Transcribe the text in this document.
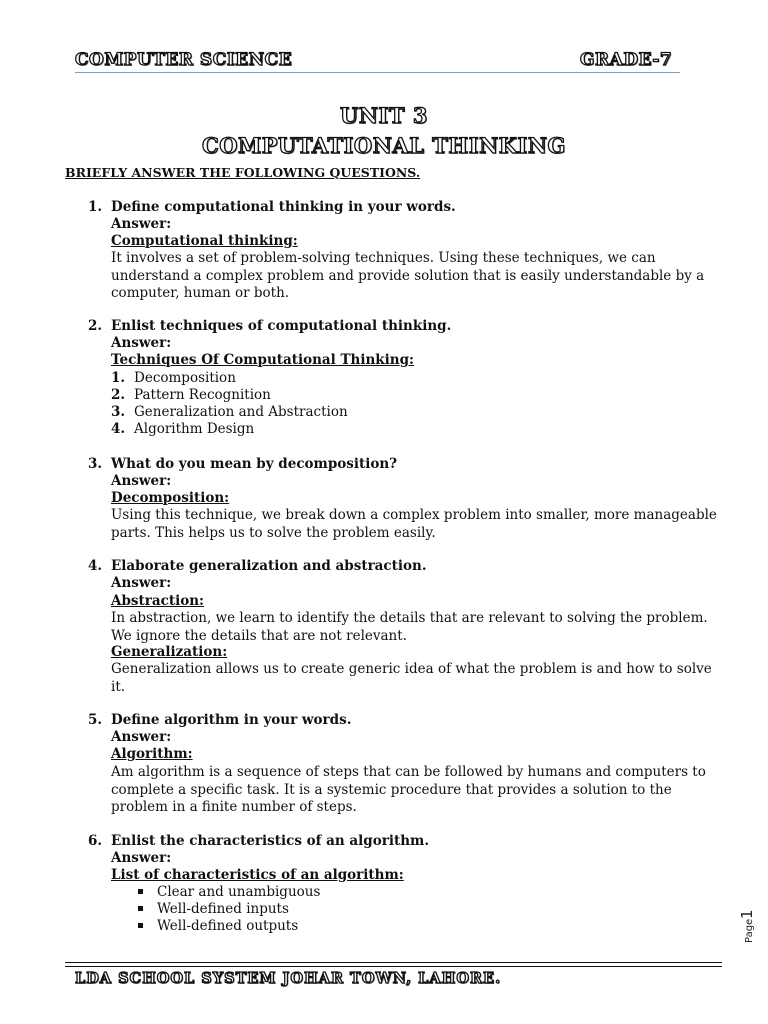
COMPUTER SCIENCE	GRADE-7
UNIT 3
COMPUTATIONAL THINKING
BRIEFLY ANSWER THE FOLLOWING QUESTIONS.
1. Define computational thinking in your words.
Answer:
Computational thinking:

It involves a set of problem-solving techniques. Using these techniques, we can understand a complex problem and provide solution that is easily understandable by a computer, human or both.

2. Enlist techniques of computational thinking.
Answer:
Techniques Of Computational Thinking:
1. Decomposition
2. Pattern Recognition
3. Generalization and Abstraction
4. Algorithm Design
3. What do you mean by decomposition?
Answer:
Decomposition:

Using this technique, we break down a complex problem into smaller, more manageable parts. This helps us to solve the problem easily.

4. Elaborate generalization and abstraction.
Answer:
Abstraction:

In abstraction, we learn to identify the details that are relevant to solving the problem. We ignore the details that are not relevant.

Generalization:

Generalization allows us to create generic idea of what the problem is and how to solve it.

5. Define algorithm in your words.
Answer:
Algorithm:

Am algorithm is a sequence of steps that can be followed by humans and computers to complete a specific task. It is a systemic procedure that provides a solution to the problem in a finite number of steps.

6. Enlist the characteristics of an algorithm.
Answer:
List of characteristics of an algorithm:
Clear and unambiguous
Well-defined inputs
Well-defined outputs	Page
1
LDA SCHOOL SYSTEM JOHAR TOWN, LAHORE.
